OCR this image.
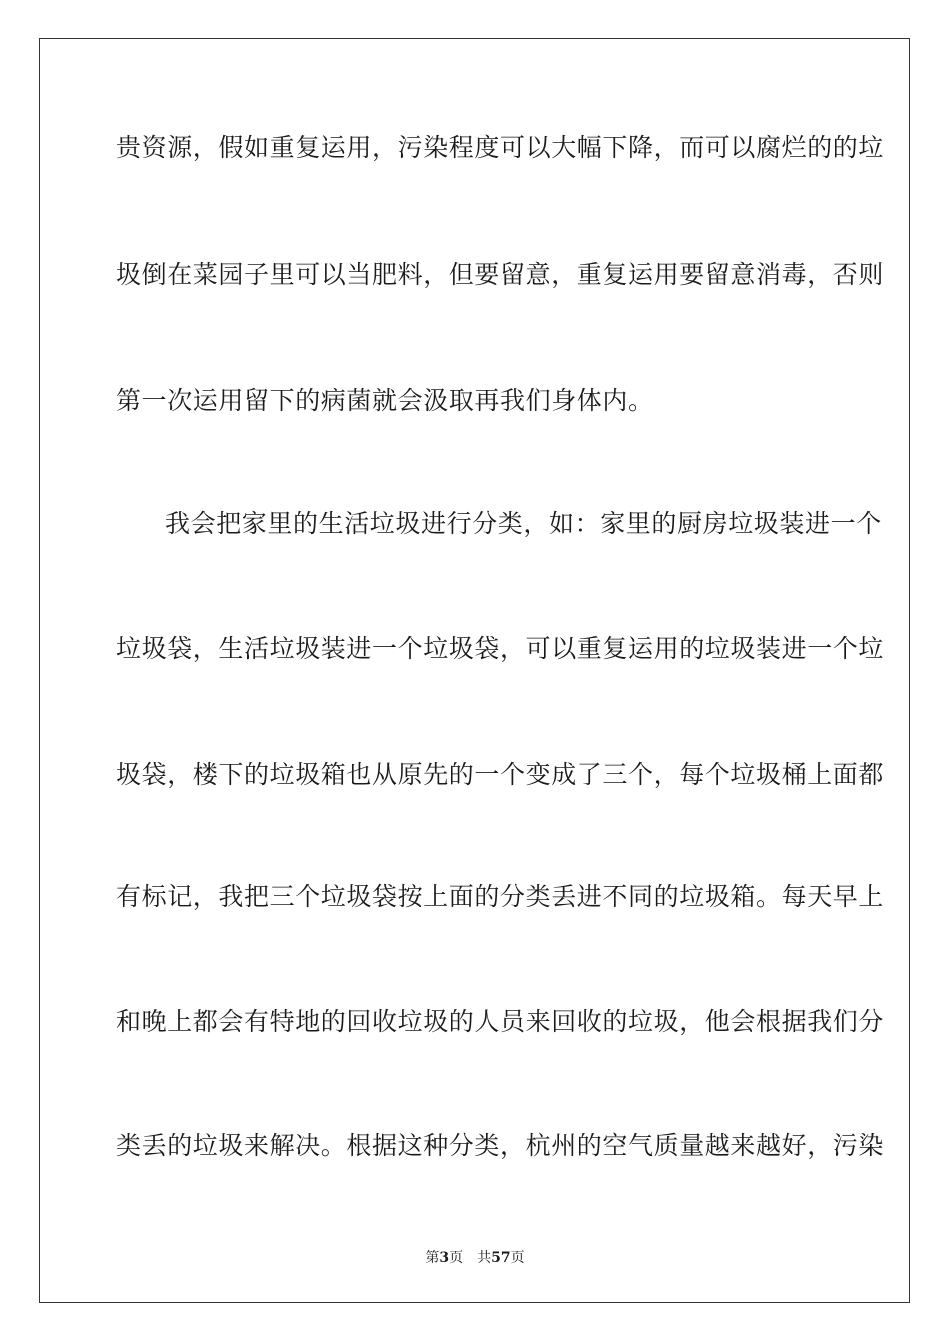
贵资源，假如重复运用，污染程度可以大幅下降，而可以腐烂的的垃
圾倒在菜园子里可以当肥料，但要留意，重复运用要留意消毒，否则
第一次运用留下的病菌就会汲取再我们身体内。
我会把家里的生活垃圾进行分类，如：家里的厨房垃圾装进一个
垃圾袋，生活垃圾装进一个垃圾袋，可以重复运用的垃圾装进一个垃
圾袋，楼下的垃圾箱也从原先的一个变成了三个，每个垃圾桶上面都
有标记，我把三个垃圾袋按上面的分类丢进不同的垃圾箱。每天早上
和晚上都会有特地的回收垃圾的人员来回收的垃圾，他会根据我们分
类丢的垃圾来解决。根据这种分类，杭州的空气质量越来越好，污染
第3页 共57页
